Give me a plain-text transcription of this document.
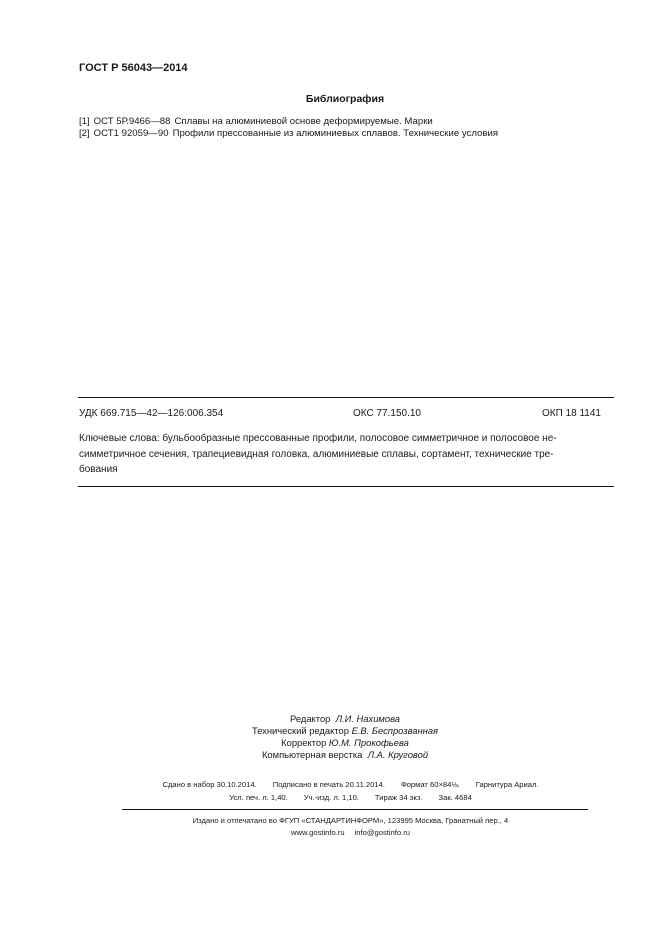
ГОСТ Р 56043—2014
Библиография
[1] ОСТ 5Р.9466—88 Сплавы на алюминиевой основе деформируемые. Марки
[2] ОСТ1 92059—90 Профили прессованные из алюминиевых сплавов. Технические условия
УДК 669.715—42—126:006.354	ОКС 77.150.10	ОКП 18 1141
Ключевые слова: бульбообразные прессованные профили, полосовое симметричное и полосовое не-
симметричное сечения, трапециевидная головка, алюминиевые сплавы, сортамент, технические тре-
бования
Редактор Л.И. Нахимова
Технический редактор Е.В. Беспрозванная
Корректор Ю.М. Прокофьева
Компьютерная верстка Л.А. Круговой
Сдано в набор 30.10.2014. Подписано в печать 20.11.2014. Формат 60×84⅛. Гарнитура Ариал.
Усл. печ. л. 1,40. Уч.-изд. л. 1,10. Тираж 34 экз. Зак. 4684
Издано и отпечатано во ФГУП «СТАНДАРТИНФОРМ», 123995 Москва, Гранатный пер., 4
www.gostinfo.ru info@gostinfo.ru
